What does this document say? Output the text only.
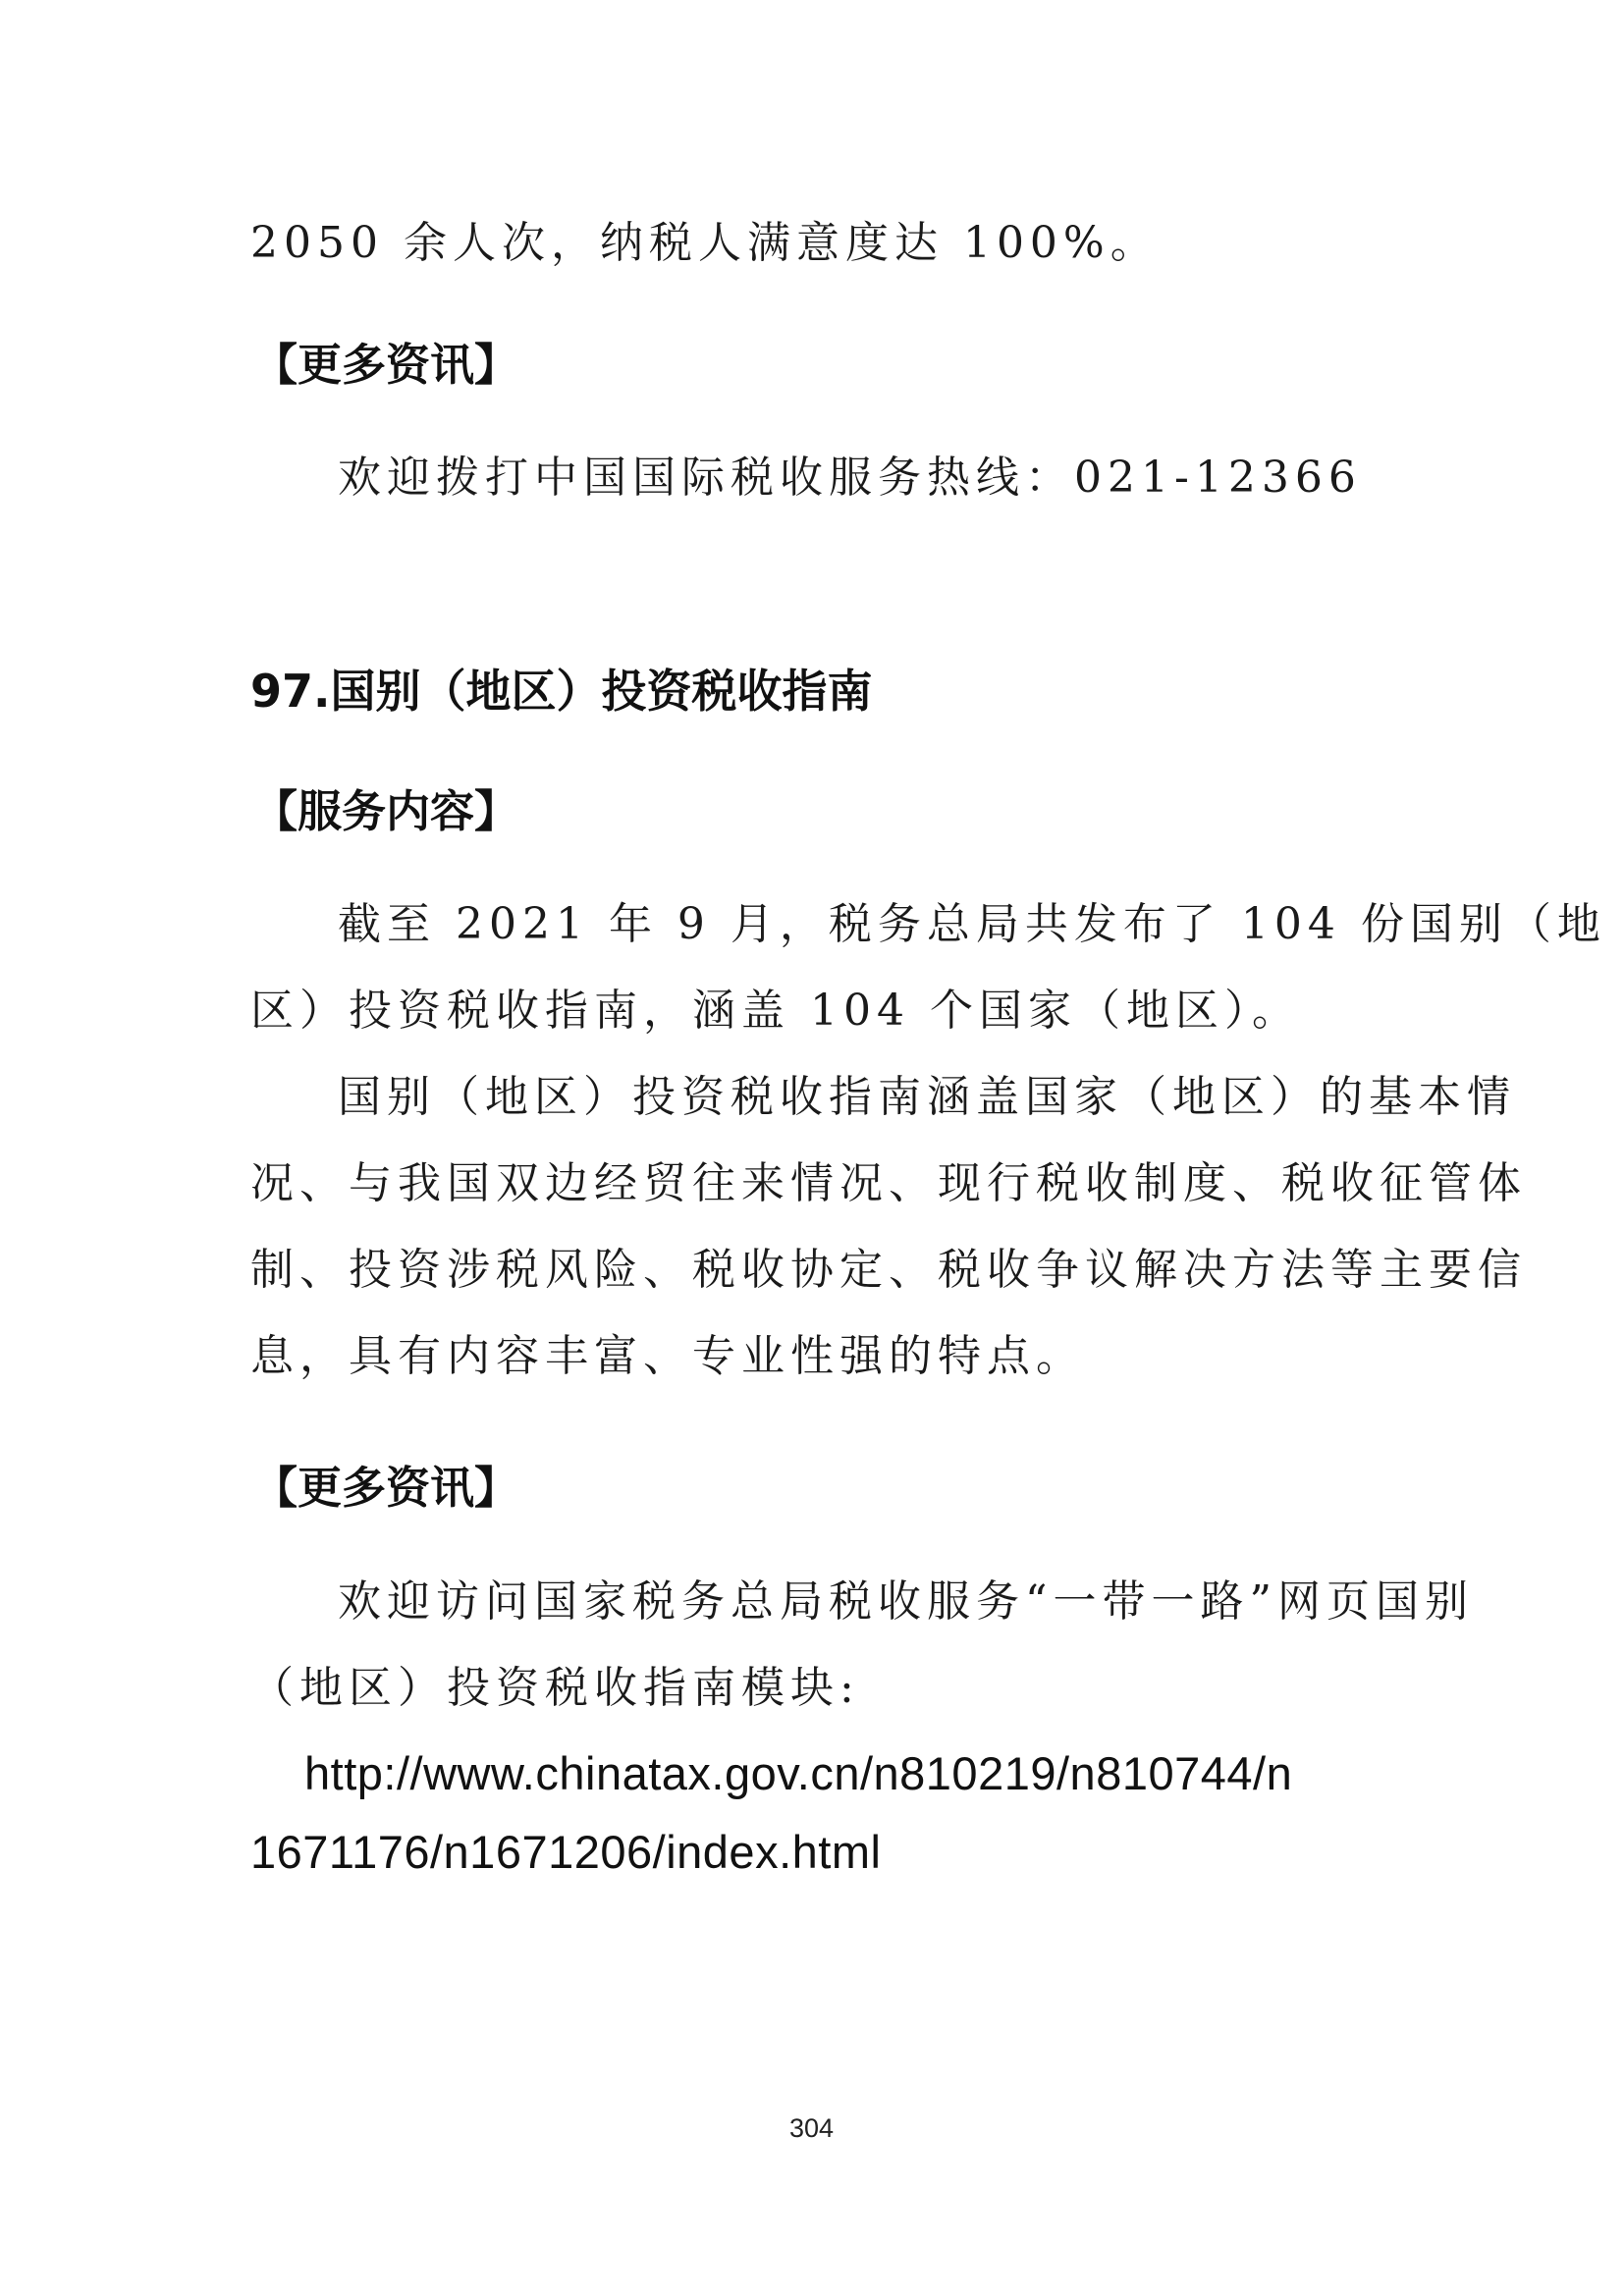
2050 余人次，纳税人满意度达 100%。

【更多资讯】

欢迎拨打中国国际税收服务热线：021-12366

97.国别（地区）投资税收指南

【服务内容】

截至 2021 年 9 月，税务总局共发布了 104 份国别（地

区）投资税收指南，涵盖 104 个国家（地区）。

国别（地区）投资税收指南涵盖国家（地区）的基本情

况、与我国双边经贸往来情况、现行税收制度、税收征管体

制、投资涉税风险、税收协定、税收争议解决方法等主要信

息，具有内容丰富、专业性强的特点。

【更多资讯】

欢迎访问国家税务总局税收服务“一带一路”网页国别

（地区）投资税收指南模块:

http://www.chinatax.gov.cn/n810219/n810744/n

1671176/n1671206/index.html

304
